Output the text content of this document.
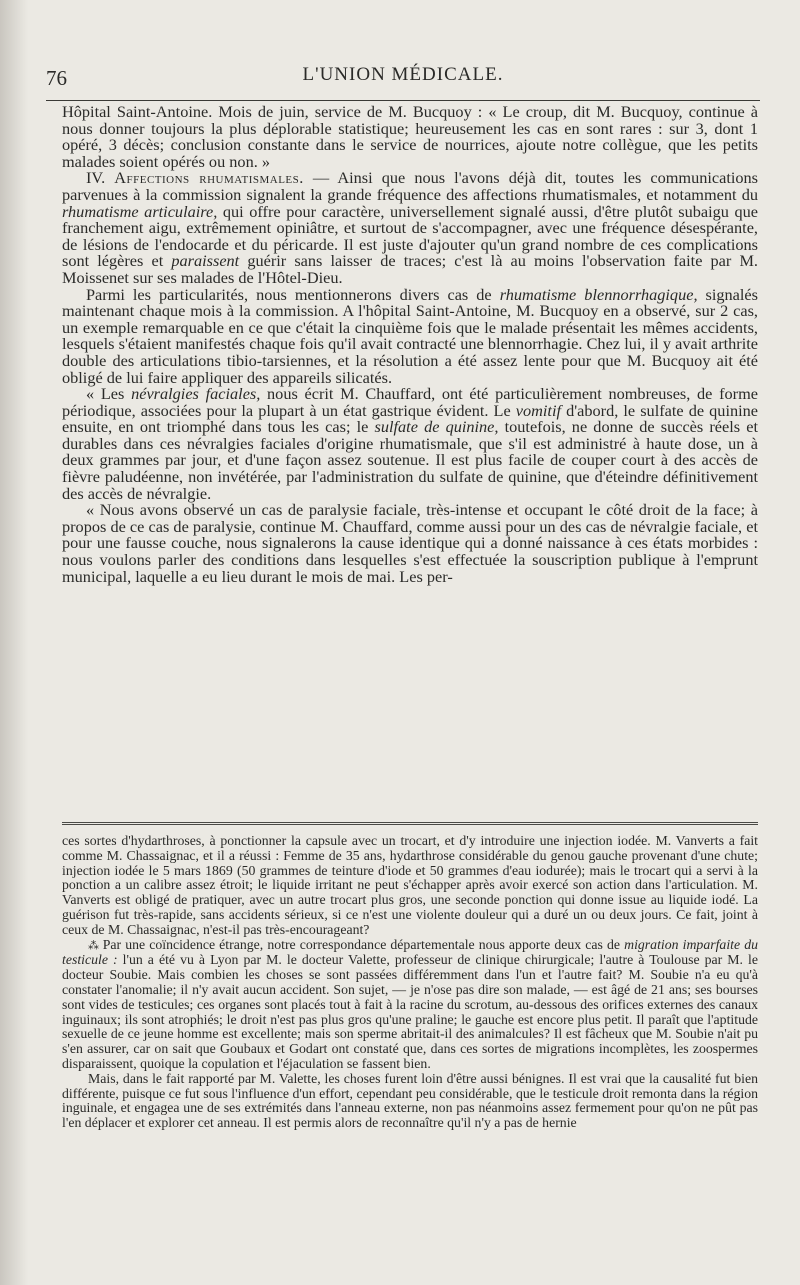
76	L'UNION MÉDICALE.

Hôpital Saint-Antoine. Mois de juin, service de M. Bucquoy : « Le croup, dit M. Bucquoy, continue à nous donner toujours la plus déplorable statistique; heureusement les cas en sont rares : sur 3, dont 1 opéré, 3 décès; conclusion constante dans le service de nourrices, ajoute notre collègue, que les petits malades soient opérés ou non. »

IV. Affections rhumatismales. — Ainsi que nous l'avons déjà dit, toutes les communications parvenues à la commission signalent la grande fréquence des affections rhumatismales, et notamment du rhumatisme articulaire, qui offre pour caractère, universellement signalé aussi, d'être plutôt subaigu que franchement aigu, extrêmement opiniâtre, et surtout de s'accompagner, avec une fréquence désespérante, de lésions de l'endocarde et du péricarde. Il est juste d'ajouter qu'un grand nombre de ces complications sont légères et paraissent guérir sans laisser de traces; c'est là au moins l'observation faite par M. Moissenet sur ses malades de l'Hôtel-Dieu.

Parmi les particularités, nous mentionnerons divers cas de rhumatisme blennorrhagique, signalés maintenant chaque mois à la commission. A l'hôpital Saint-Antoine, M. Bucquoy en a observé, sur 2 cas, un exemple remarquable en ce que c'était la cinquième fois que le malade présentait les mêmes accidents, lesquels s'étaient manifestés chaque fois qu'il avait contracté une blennorrhagie. Chez lui, il y avait arthrite double des articulations tibio-tarsiennes, et la résolution a été assez lente pour que M. Bucquoy ait été obligé de lui faire appliquer des appareils silicatés.

« Les névralgies faciales, nous écrit M. Chauffard, ont été particulièrement nombreuses, de forme périodique, associées pour la plupart à un état gastrique évident. Le vomitif d'abord, le sulfate de quinine ensuite, en ont triomphé dans tous les cas; le sulfate de quinine, toutefois, ne donne de succès réels et durables dans ces névralgies faciales d'origine rhumatismale, que s'il est administré à haute dose, un à deux grammes par jour, et d'une façon assez soutenue. Il est plus facile de couper court à des accès de fièvre paludéenne, non invétérée, par l'administration du sulfate de quinine, que d'éteindre définitivement des accès de névralgie.

« Nous avons observé un cas de paralysie faciale, très-intense et occupant le côté droit de la face; à propos de ce cas de paralysie, continue M. Chauffard, comme aussi pour un des cas de névralgie faciale, et pour une fausse couche, nous signalerons la cause identique qui a donné naissance à ces états morbides : nous voulons parler des conditions dans lesquelles s'est effectuée la souscription publique à l'emprunt municipal, laquelle a eu lieu durant le mois de mai. Les per-

ces sortes d'hydarthroses, à ponctionner la capsule avec un trocart, et d'y introduire une injection iodée. M. Vanverts a fait comme M. Chassaignac, et il a réussi : Femme de 35 ans, hydarthrose considérable du genou gauche provenant d'une chute; injection iodée le 5 mars 1869 (50 grammes de teinture d'iode et 50 grammes d'eau iodurée); mais le trocart qui a servi à la ponction a un calibre assez étroit; le liquide irritant ne peut s'échapper après avoir exercé son action dans l'articulation. M. Vanverts est obligé de pratiquer, avec un autre trocart plus gros, une seconde ponction qui donne issue au liquide iodé. La guérison fut très-rapide, sans accidents sérieux, si ce n'est une violente douleur qui a duré un ou deux jours. Ce fait, joint à ceux de M. Chassaignac, n'est-il pas très-encourageant?

⁂ Par une coïncidence étrange, notre correspondance départementale nous apporte deux cas de migration imparfaite du testicule : l'un a été vu à Lyon par M. le docteur Valette, professeur de clinique chirurgicale; l'autre à Toulouse par M. le docteur Soubie. Mais combien les choses se sont passées différemment dans l'un et l'autre fait? M. Soubie n'a eu qu'à constater l'anomalie; il n'y avait aucun accident. Son sujet, — je n'ose pas dire son malade, — est âgé de 21 ans; ses bourses sont vides de testicules; ces organes sont placés tout à fait à la racine du scrotum, au-dessous des orifices externes des canaux inguinaux; ils sont atrophiés; le droit n'est pas plus gros qu'une praline; le gauche est encore plus petit. Il paraît que l'aptitude sexuelle de ce jeune homme est excellente; mais son sperme abritait-il des animalcules? Il est fâcheux que M. Soubie n'ait pu s'en assurer, car on sait que Goubaux et Godart ont constaté que, dans ces sortes de migrations incomplètes, les zoospermes disparaissent, quoique la copulation et l'éjaculation se fassent bien.

Mais, dans le fait rapporté par M. Valette, les choses furent loin d'être aussi bénignes. Il est vrai que la causalité fut bien différente, puisque ce fut sous l'influence d'un effort, cependant peu considérable, que le testicule droit remonta dans la région inguinale, et engagea une de ses extrémités dans l'anneau externe, non pas néanmoins assez fermement pour qu'on ne pût pas l'en déplacer et explorer cet anneau. Il est permis alors de reconnaître qu'il n'y a pas de hernie
